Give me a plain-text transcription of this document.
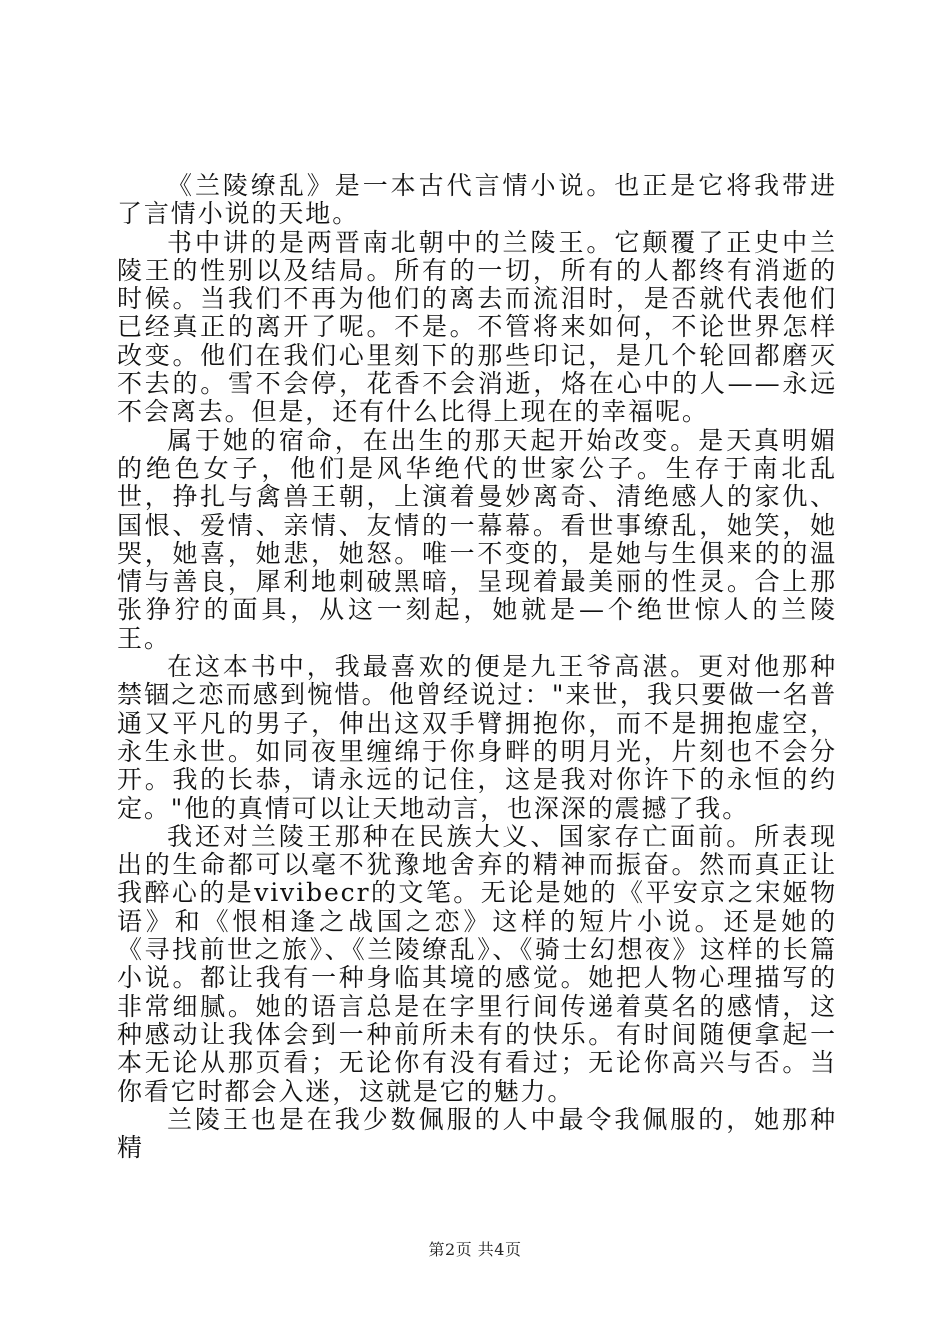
《兰陵缭乱》是一本古代言情小说。也正是它将我带进了言情小说的天地。

书中讲的是两晋南北朝中的兰陵王。它颠覆了正史中兰陵王的性别以及结局。所有的一切，所有的人都终有消逝的时候。当我们不再为他们的离去而流泪时，是否就代表他们已经真正的离开了呢。不是。不管将来如何，不论世界怎样改变。他们在我们心里刻下的那些印记，是几个轮回都磨灭不去的。雪不会停，花香不会消逝，烙在心中的人——永远不会离去。但是，还有什么比得上现在的幸福呢。

属于她的宿命，在出生的那天起开始改变。是天真明媚的绝色女子，他们是风华绝代的世家公子。生存于南北乱世，挣扎与禽兽王朝，上演着曼妙离奇、清绝感人的家仇、国恨、爱情、亲情、友情的一幕幕。看世事缭乱，她笑，她哭，她喜，她悲，她怒。唯一不变的，是她与生俱来的的温情与善良，犀利地刺破黑暗，呈现着最美丽的性灵。合上那张狰狞的面具，从这一刻起，她就是—个绝世惊人的兰陵王。

在这本书中，我最喜欢的便是九王爷高湛。更对他那种禁锢之恋而感到惋惜。他曾经说过："来世，我只要做一名普通又平凡的男子，伸出这双手臂拥抱你，而不是拥抱虚空，永生永世。如同夜里缠绵于你身畔的明月光，片刻也不会分开。我的长恭，请永远的记住，这是我对你许下的永恒的约定。"他的真情可以让天地动言，也深深的震撼了我。

我还对兰陵王那种在民族大义、国家存亡面前。所表现出的生命都可以毫不犹豫地舍弃的精神而振奋。然而真正让我醉心的是vivibecr的文笔。无论是她的《平安京之宋姬物语》和《恨相逢之战国之恋》这样的短片小说。还是她的《寻找前世之旅》、《兰陵缭乱》、《骑士幻想夜》这样的长篇小说。都让我有一种身临其境的感觉。她把人物心理描写的非常细腻。她的语言总是在字里行间传递着莫名的感情，这种感动让我体会到一种前所未有的快乐。有时间随便拿起一本无论从那页看；无论你有没有看过；无论你高兴与否。当你看它时都会入迷，这就是它的魅力。

兰陵王也是在我少数佩服的人中最令我佩服的，她那种精

第2页 共4页
